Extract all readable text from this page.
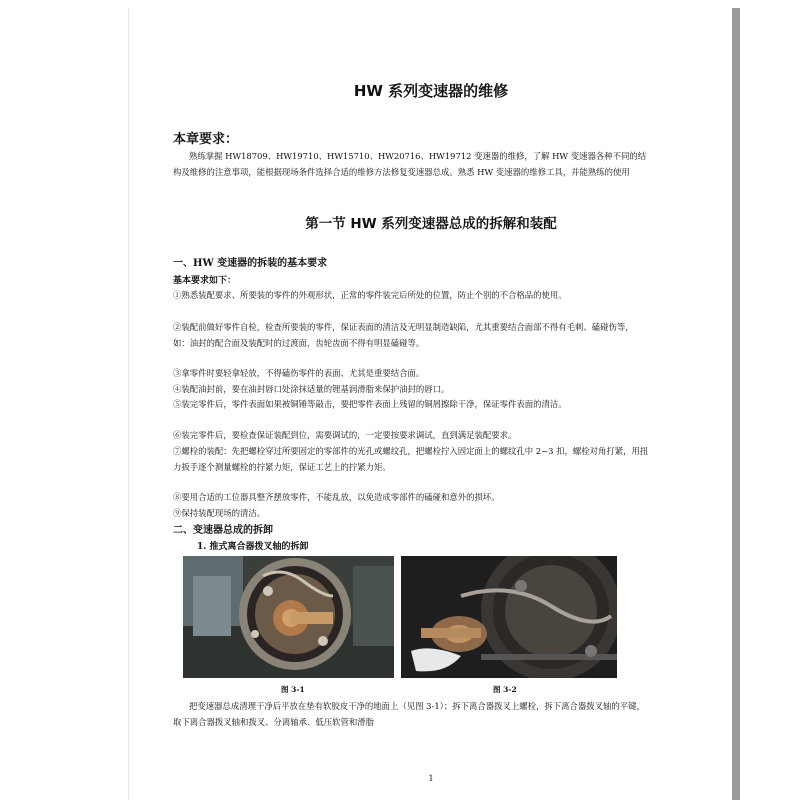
HW 系列变速器的维修
本章要求：
熟练掌握 HW18709、HW19710、HW15710、HW20716、HW19712 变速器的维修，了解 HW 变速器各种不同的结构及维修的注意事项，能根据现场条件选择合适的维修方法修复变速器总成。熟悉 HW 变速器的维修工具，并能熟练的使用
第一节 HW 系列变速器总成的拆解和装配
一、HW 变速器的拆装的基本要求
基本要求如下：
①熟悉装配要求、所要装的零件的外观形状，正常的零件装完后所处的位置，防止个别的不合格品的使用。
②装配前做好零件自检，检查所要装的零件，保证表面的清洁及无明显制造缺陷，尤其重要结合面部不得有毛刺、磕碰伤等，如：油封的配合面及装配时的过渡面，齿轮齿面不得有明显磕碰等。
③拿零件时要轻拿轻放，不得磕伤零件的表面、尤其是重要结合面。
④装配油封前，要在油封唇口处涂抹适量的锂基润滑脂来保护油封的唇口。
⑤装完零件后，零件表面如果被铜锤等敲击，要把零件表面上残留的铜屑擦除干净，保证零件表面的清洁。
⑥装完零件后，要检查保证装配到位，需要调试的，一定要按要求调试，直到满足装配要求。
⑦螺栓的装配：先把螺栓穿过所要固定的零部件的光孔或螺纹孔，把螺栓拧入固定面上的螺纹孔中 2~3 扣，螺栓对角打紧，用扭力扳手逐个测量螺栓的拧紧力矩，保证工艺上的拧紧力矩。
⑧要用合适的工位器具整齐摆放零件，不能乱放，以免造成零部件的磕碰和意外的损坏。
⑨保持装配现场的清洁。
二、变速器总成的拆卸
1. 推式离合器拨叉轴的拆卸
图 3-1	图 3-2
把变速器总成清理干净后平放在垫有软胶皮干净的地面上（见图 3-1）；拆下离合器拨叉上螺栓，拆下离合器拨叉轴的平键，取下离合器拨叉轴和拨叉、分离轴承、低压软管和滑脂
1
